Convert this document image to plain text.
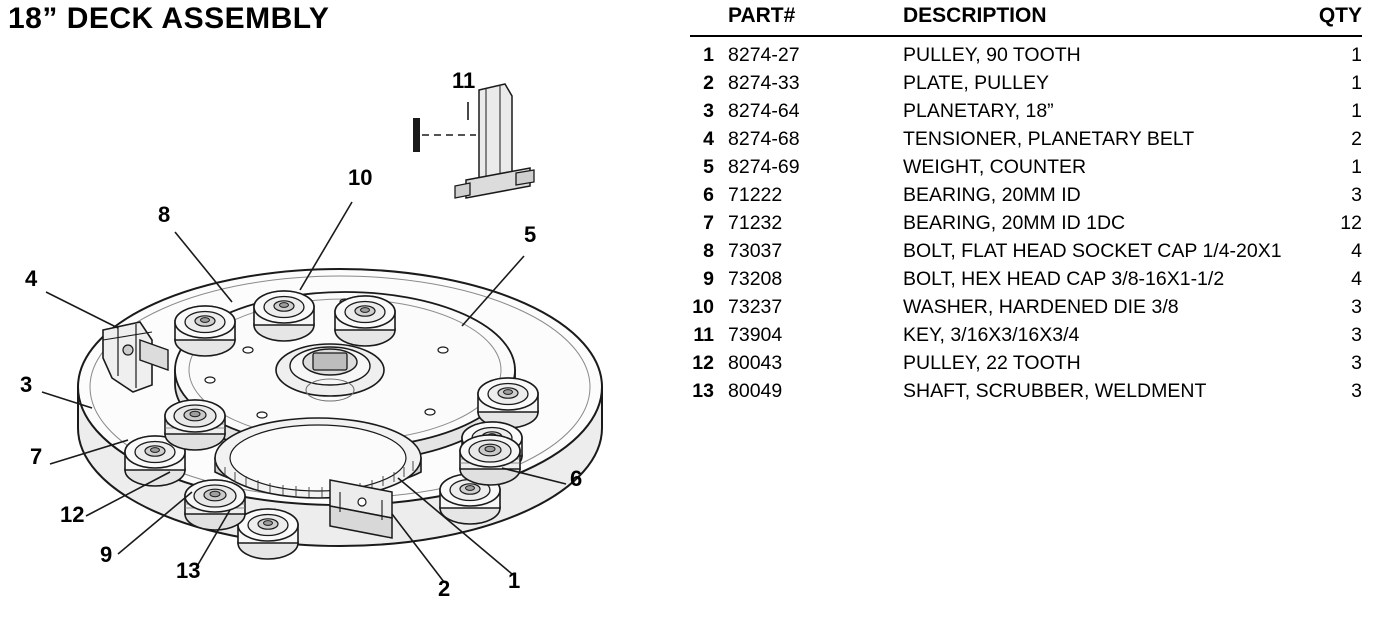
18” DECK ASSEMBLY
		PART#	DESCRIPTION	QTY
1	8274-27	PULLEY, 90 TOOTH	1
2	8274-33	PLATE, PULLEY	1
3	8274-64	PLANETARY, 18”	1
4	8274-68	TENSIONER, PLANETARY BELT	2
5	8274-69	WEIGHT, COUNTER	1
6	71222	BEARING, 20MM ID	3
7	71232	BEARING, 20MM ID 1DC	12
8	73037	BOLT, FLAT HEAD SOCKET CAP 1/4-20X1	4
9	73208	BOLT, HEX HEAD CAP 3/8-16X1-1/2	4
10	73237	WASHER, HARDENED DIE 3/8	3
11	73904	KEY, 3/16X3/16X3/4	3
12	80043	PULLEY, 22 TOOTH	3
13	80049	SHAFT, SCRUBBER, WELDMENT	3
11
10
8
5
4
3
7
6
12
9
13
2	1
